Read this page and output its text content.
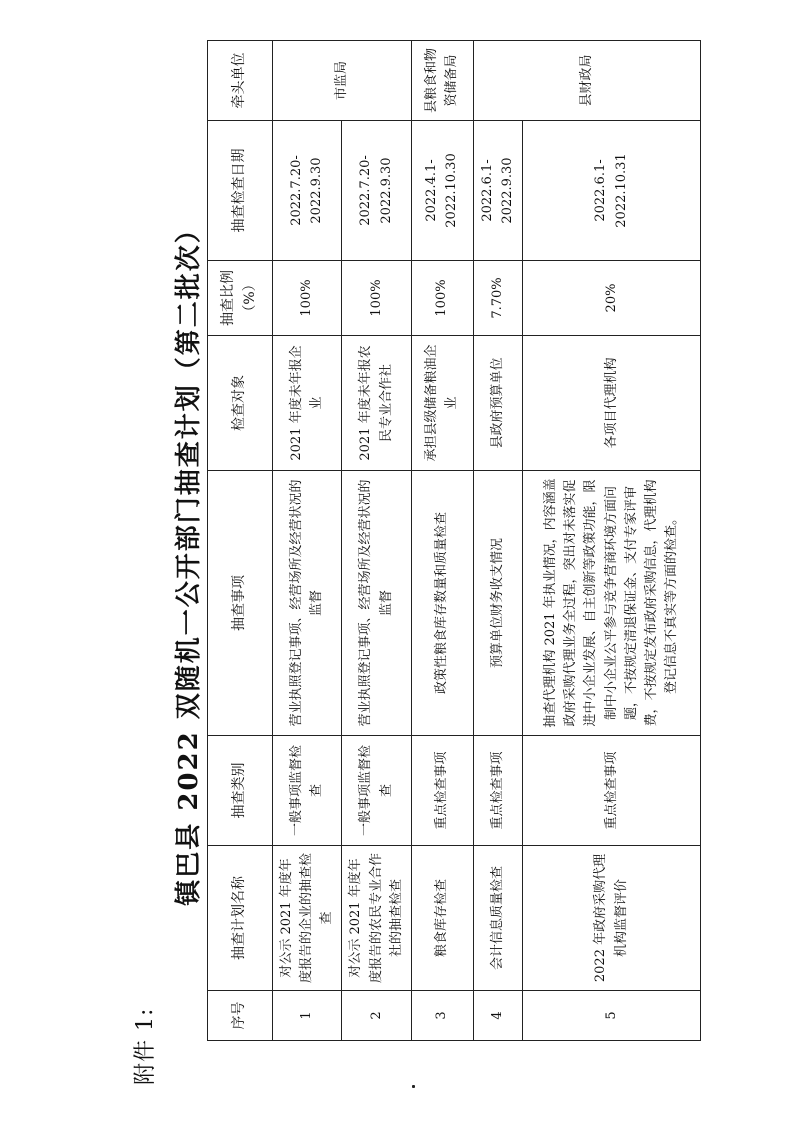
附件 1:
镇巴县 2022 双随机一公开部门抽查计划（第二批次）
序号	抽查计划名称	抽查类别	抽查事项	检查对象	抽查比例（%）	抽查检查日期	牵头单位
1	对公示 2021 年度年度报告的企业的抽查检查	一般事项监督检查	营业执照登记事项、经营场所及经营状况的监督	2021 年度未年报企业	100%	2022.7.20-2022.9.30	市监局
2	对公示 2021 年度年度报告的农民专业合作社的抽查检查	一般事项监督检查	营业执照登记事项、经营场所及经营状况的监督	2021 年度未年报农民专业合作社	100%	2022.7.20-2022.9.30	
3	粮食库存检查	重点检查事项	政策性粮食库存数量和质量检查	承担县级储备粮油企业	100%	2022.4.1-2022.10.30	县粮食和物资储备局
4	会计信息质量检查	重点检查事项	预算单位财务收支情况	县政府预算单位	7.70%	2022.6.1-2022.9.30	县财政局
5	2022 年政府采购代理机构监督评价	重点检查事项	抽查代理机构 2021 年执业情况，内容涵盖政府采购代理业务全过程，突出对未落实促进中小企业发展、自主创新等政策功能，限制中小企业公平参与竞争营商环境方面问题，不按规定清退保证金、支付专家评审费，不按规定发布政府采购信息，代理机构登记信息不真实等方面的检查。	各项目代理机构	20%	2022.6.1-2022.10.31	
